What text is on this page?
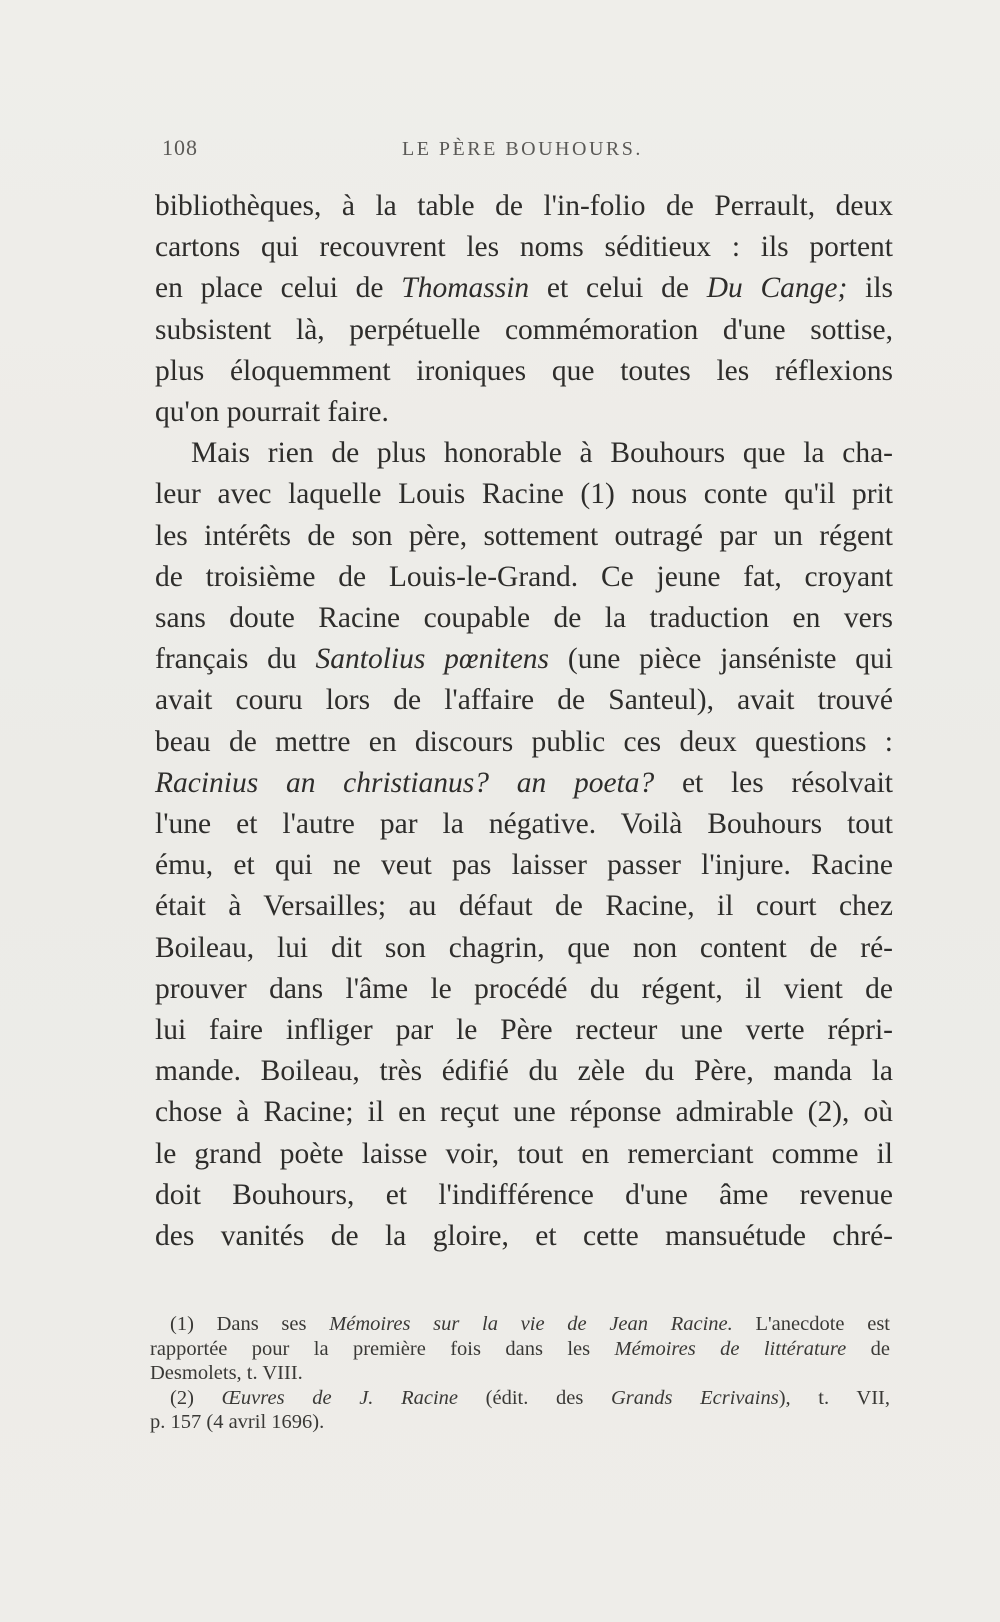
108	LE PÈRE BOUHOURS.
bibliothèques, à la table de l'in-folio de Perrault, deux
cartons qui recouvrent les noms séditieux : ils portent
en place celui de Thomassin et celui de Du Cange; ils
subsistent là, perpétuelle commémoration d'une sottise,
plus éloquemment ironiques que toutes les réflexions
qu'on pourrait faire.
Mais rien de plus honorable à Bouhours que la cha-
leur avec laquelle Louis Racine (1) nous conte qu'il prit
les intérêts de son père, sottement outragé par un régent
de troisième de Louis-le-Grand. Ce jeune fat, croyant
sans doute Racine coupable de la traduction en vers
français du Santolius pœnitens (une pièce janséniste qui
avait couru lors de l'affaire de Santeul), avait trouvé
beau de mettre en discours public ces deux questions :
Racinius an christianus? an poeta? et les résolvait
l'une et l'autre par la négative. Voilà Bouhours tout
ému, et qui ne veut pas laisser passer l'injure. Racine
était à Versailles; au défaut de Racine, il court chez
Boileau, lui dit son chagrin, que non content de ré-
prouver dans l'âme le procédé du régent, il vient de
lui faire infliger par le Père recteur une verte répri-
mande. Boileau, très édifié du zèle du Père, manda la
chose à Racine; il en reçut une réponse admirable (2), où
le grand poète laisse voir, tout en remerciant comme il
doit Bouhours, et l'indifférence d'une âme revenue
des vanités de la gloire, et cette mansuétude chré-
(1) Dans ses Mémoires sur la vie de Jean Racine. L'anecdote est
rapportée pour la première fois dans les Mémoires de littérature de
Desmolets, t. VIII.
(2) Œuvres de J. Racine (édit. des Grands Ecrivains), t. VII,
p. 157 (4 avril 1696).
